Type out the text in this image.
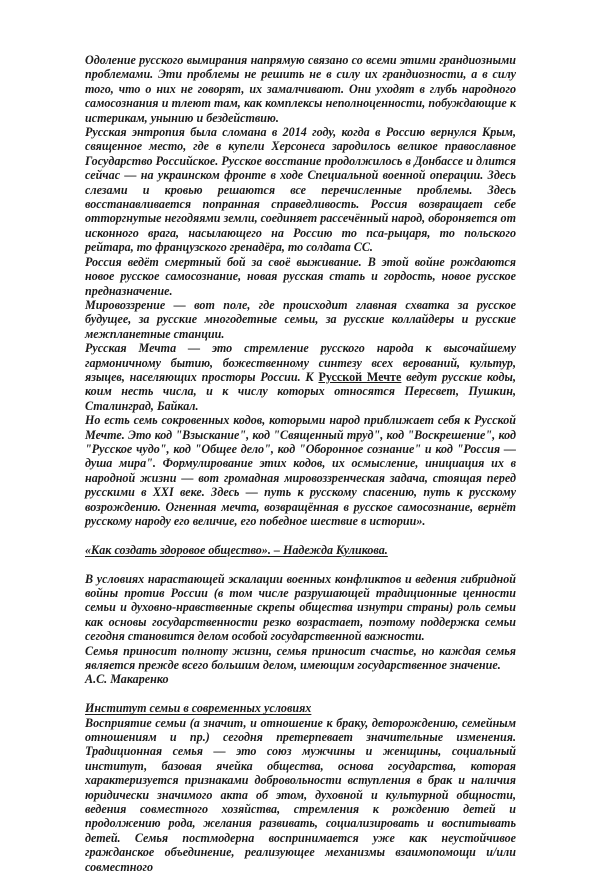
Одоление русского вымирания напрямую связано со всеми этими грандиозными проблемами. Эти проблемы не решить не в силу их грандиозности, а в силу того, что о них не говорят, их замалчивают. Они уходят в глубь народного самосознания и тлеют там, как комплексы неполноценности, побуждающие к истерикам, унынию и бездействию.

Русская энтропия была сломана в 2014 году, когда в Россию вернулся Крым, священное место, где в купели Херсонеса зародилось великое православное Государство Российское. Русское восстание продолжилось в Донбассе и длится сейчас — на украинском фронте в ходе Специальной военной операции. Здесь слезами и кровью решаются все перечисленные проблемы. Здесь восстанавливается попранная справедливость. Россия возвращает себе отторгнутые негодяями земли, соединяет рассечённый народ, обороняется от исконного врага, насылающего на Россию то пса-рыцаря, то польского рейтара, то французского гренадёра, то солдата СС.

Россия ведёт смертный бой за своё выживание. В этой войне рождаются новое русское самосознание, новая русская стать и гордость, новое русское предназначение.

Мировоззрение — вот поле, где происходит главная схватка за русское будущее, за русские многодетные семьи, за русские коллайдеры и русские межпланетные станции.

Русская Мечта — это стремление русского народа к высочайшему гармоничному бытию, божественному синтезу всех верований, культур, языцев, населяющих просторы России. К Русской Мечте ведут русские коды, коим несть числа, и к числу которых относятся Пересвет, Пушкин, Сталинград, Байкал.

Но есть семь сокровенных кодов, которыми народ приближает себя к Русской Мечте. Это код "Взыскание", код "Священный труд", код "Воскрешение", код "Русское чудо", код "Общее дело", код "Оборонное сознание" и код "Россия — душа мира". Формулирование этих кодов, их осмысление, инициация их в народной жизни — вот громадная мировоззренческая задача, стоящая перед русскими в XXI веке. Здесь — путь к русскому спасению, путь к русскому возрождению. Огненная мечта, возвращённая в русское самосознание, вернёт русскому народу его величие, его победное шествие в истории».

«Как создать здоровое общество». – Надежда Куликова.

В условиях нарастающей эскалации военных конфликтов и ведения гибридной войны против России (в том числе разрушающей традиционные ценности семьи и духовно-нравственные скрепы общества изнутри страны) роль семьи как основы государственности резко возрастает, поэтому поддержка семьи сегодня становится делом особой государственной важности.

Семья приносит полноту жизни, семья приносит счастье, но каждая семья является прежде всего большим делом, имеющим государственное значение.

А.С. Макаренко

Институт семьи в современных условиях

Восприятие семьи (а значит, и отношение к браку, деторождению, семейным отношениям и пр.) сегодня претерпевает значительные изменения. Традиционная семья — это союз мужчины и женщины, социальный институт, базовая ячейка общества, основа государства, которая характеризуется признаками добровольности вступления в брак и наличия юридически значимого акта об этом, духовной и культурной общности, ведения совместного хозяйства, стремления к рождению детей и продолжению рода, желания развивать, социализировать и воспитывать детей. Семья постмодерна воспринимается уже как неустойчивое гражданское объединение, реализующее механизмы взаимопомощи и/или совместного
